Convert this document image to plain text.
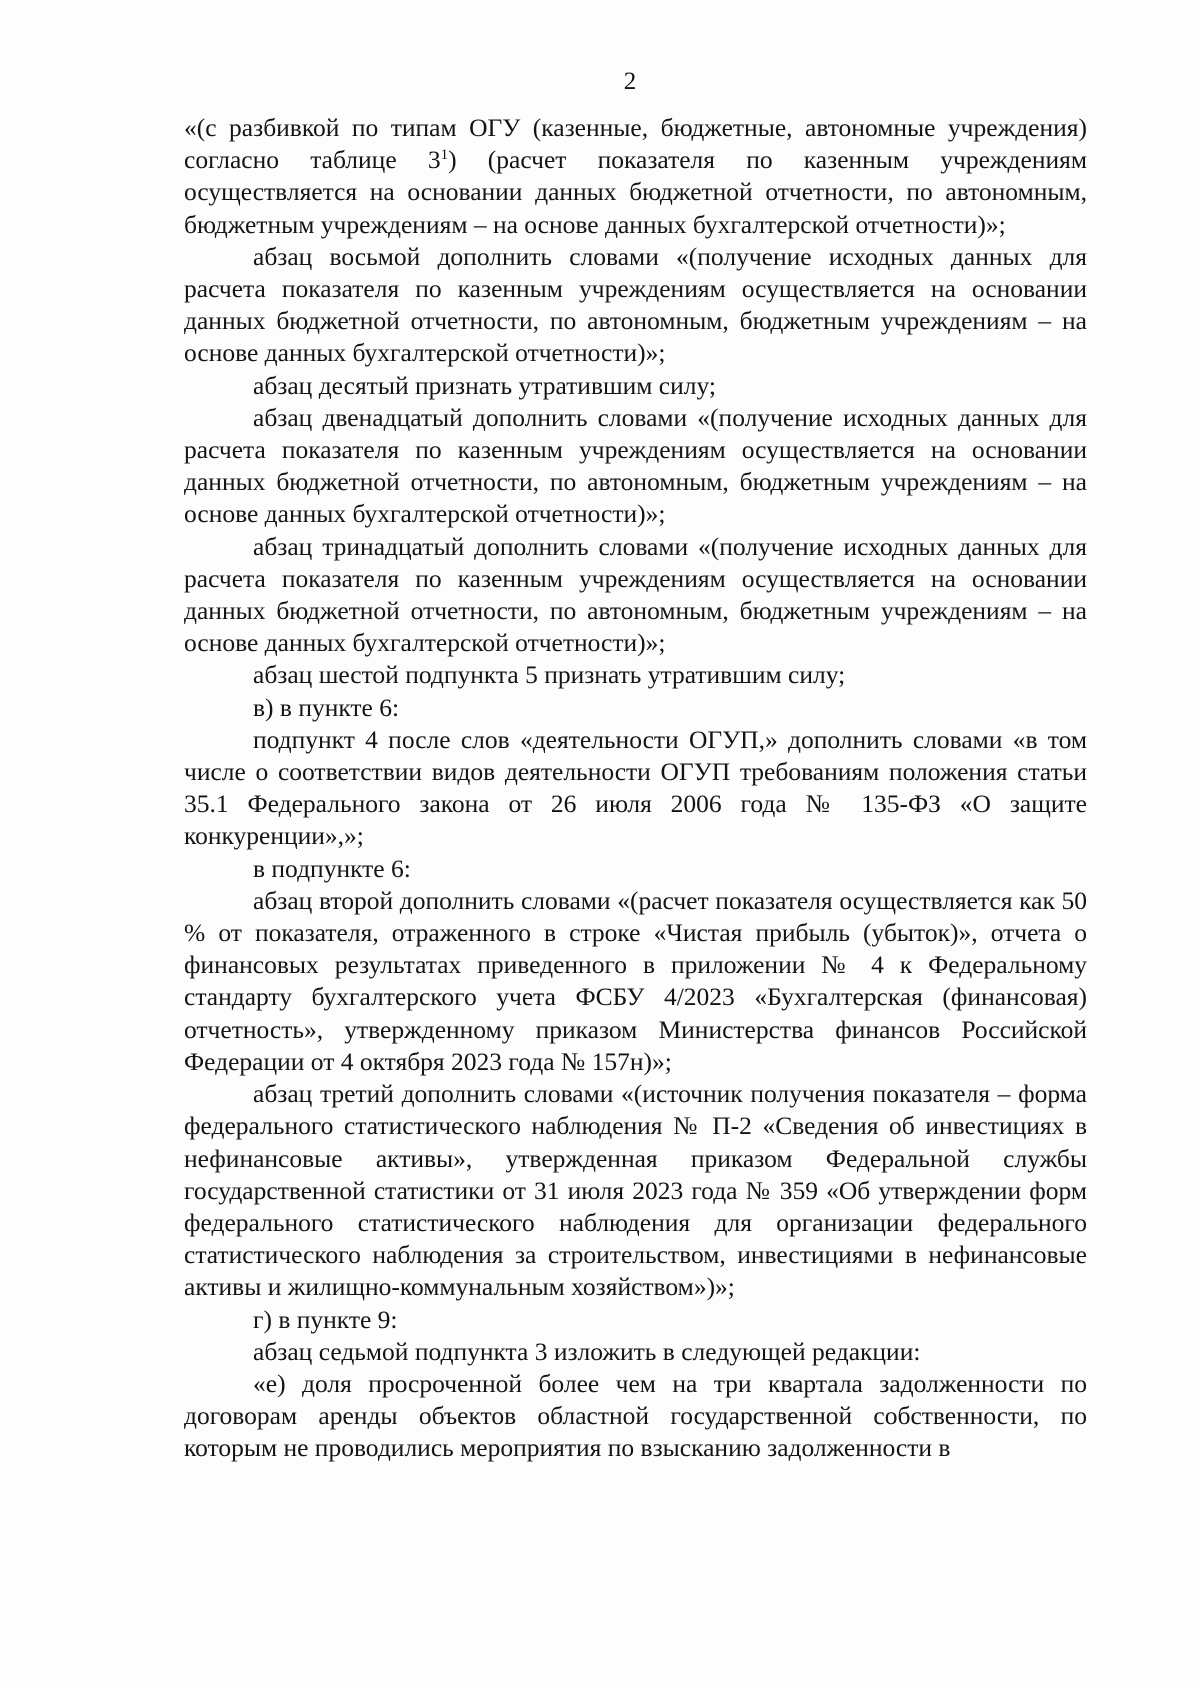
2

«(с разбивкой по типам ОГУ (казенные, бюджетные, автономные учреждения) согласно таблице $3^1$) (расчет показателя по казенным учреждениям осуществляется на основании данных бюджетной отчетности, по автономным, бюджетным учреждениям – на основе данных бухгалтерской отчетности)»;

абзац восьмой дополнить словами «(получение исходных данных для расчета показателя по казенным учреждениям осуществляется на основании данных бюджетной отчетности, по автономным, бюджетным учреждениям – на основе данных бухгалтерской отчетности)»;

абзац десятый признать утратившим силу;

абзац двенадцатый дополнить словами «(получение исходных данных для расчета показателя по казенным учреждениям осуществляется на основании данных бюджетной отчетности, по автономным, бюджетным учреждениям – на основе данных бухгалтерской отчетности)»;

абзац тринадцатый дополнить словами «(получение исходных данных для расчета показателя по казенным учреждениям осуществляется на основании данных бюджетной отчетности, по автономным, бюджетным учреждениям – на основе данных бухгалтерской отчетности)»;

абзац шестой подпункта 5 признать утратившим силу;

в) в пункте 6:

подпункт 4 после слов «деятельности ОГУП,» дополнить словами «в том числе о соответствии видов деятельности ОГУП требованиям положения статьи 35.1 Федерального закона от 26 июля 2006 года № 135-ФЗ «О защите конкуренции»,»;

в подпункте 6:

абзац второй дополнить словами «(расчет показателя осуществляется как 50 % от показателя, отраженного в строке «Чистая прибыль (убыток)», отчета о финансовых результатах приведенного в приложении № 4 к Федеральному стандарту бухгалтерского учета ФСБУ 4/2023 «Бухгалтерская (финансовая) отчетность», утвержденному приказом Министерства финансов Российской Федерации от 4 октября 2023 года № 157н)»;

абзац третий дополнить словами «(источник получения показателя – форма федерального статистического наблюдения № П-2 «Сведения об инвестициях в нефинансовые активы», утвержденная приказом Федеральной службы государственной статистики от 31 июля 2023 года № 359 «Об утверждении форм федерального статистического наблюдения для организации федерального статистического наблюдения за строительством, инвестициями в нефинансовые активы и жилищно-коммунальным хозяйством»)»;

г) в пункте 9:

абзац седьмой подпункта 3 изложить в следующей редакции:

«е) доля просроченной более чем на три квартала задолженности по договорам аренды объектов областной государственной собственности, по которым не проводились мероприятия по взысканию задолженности в
